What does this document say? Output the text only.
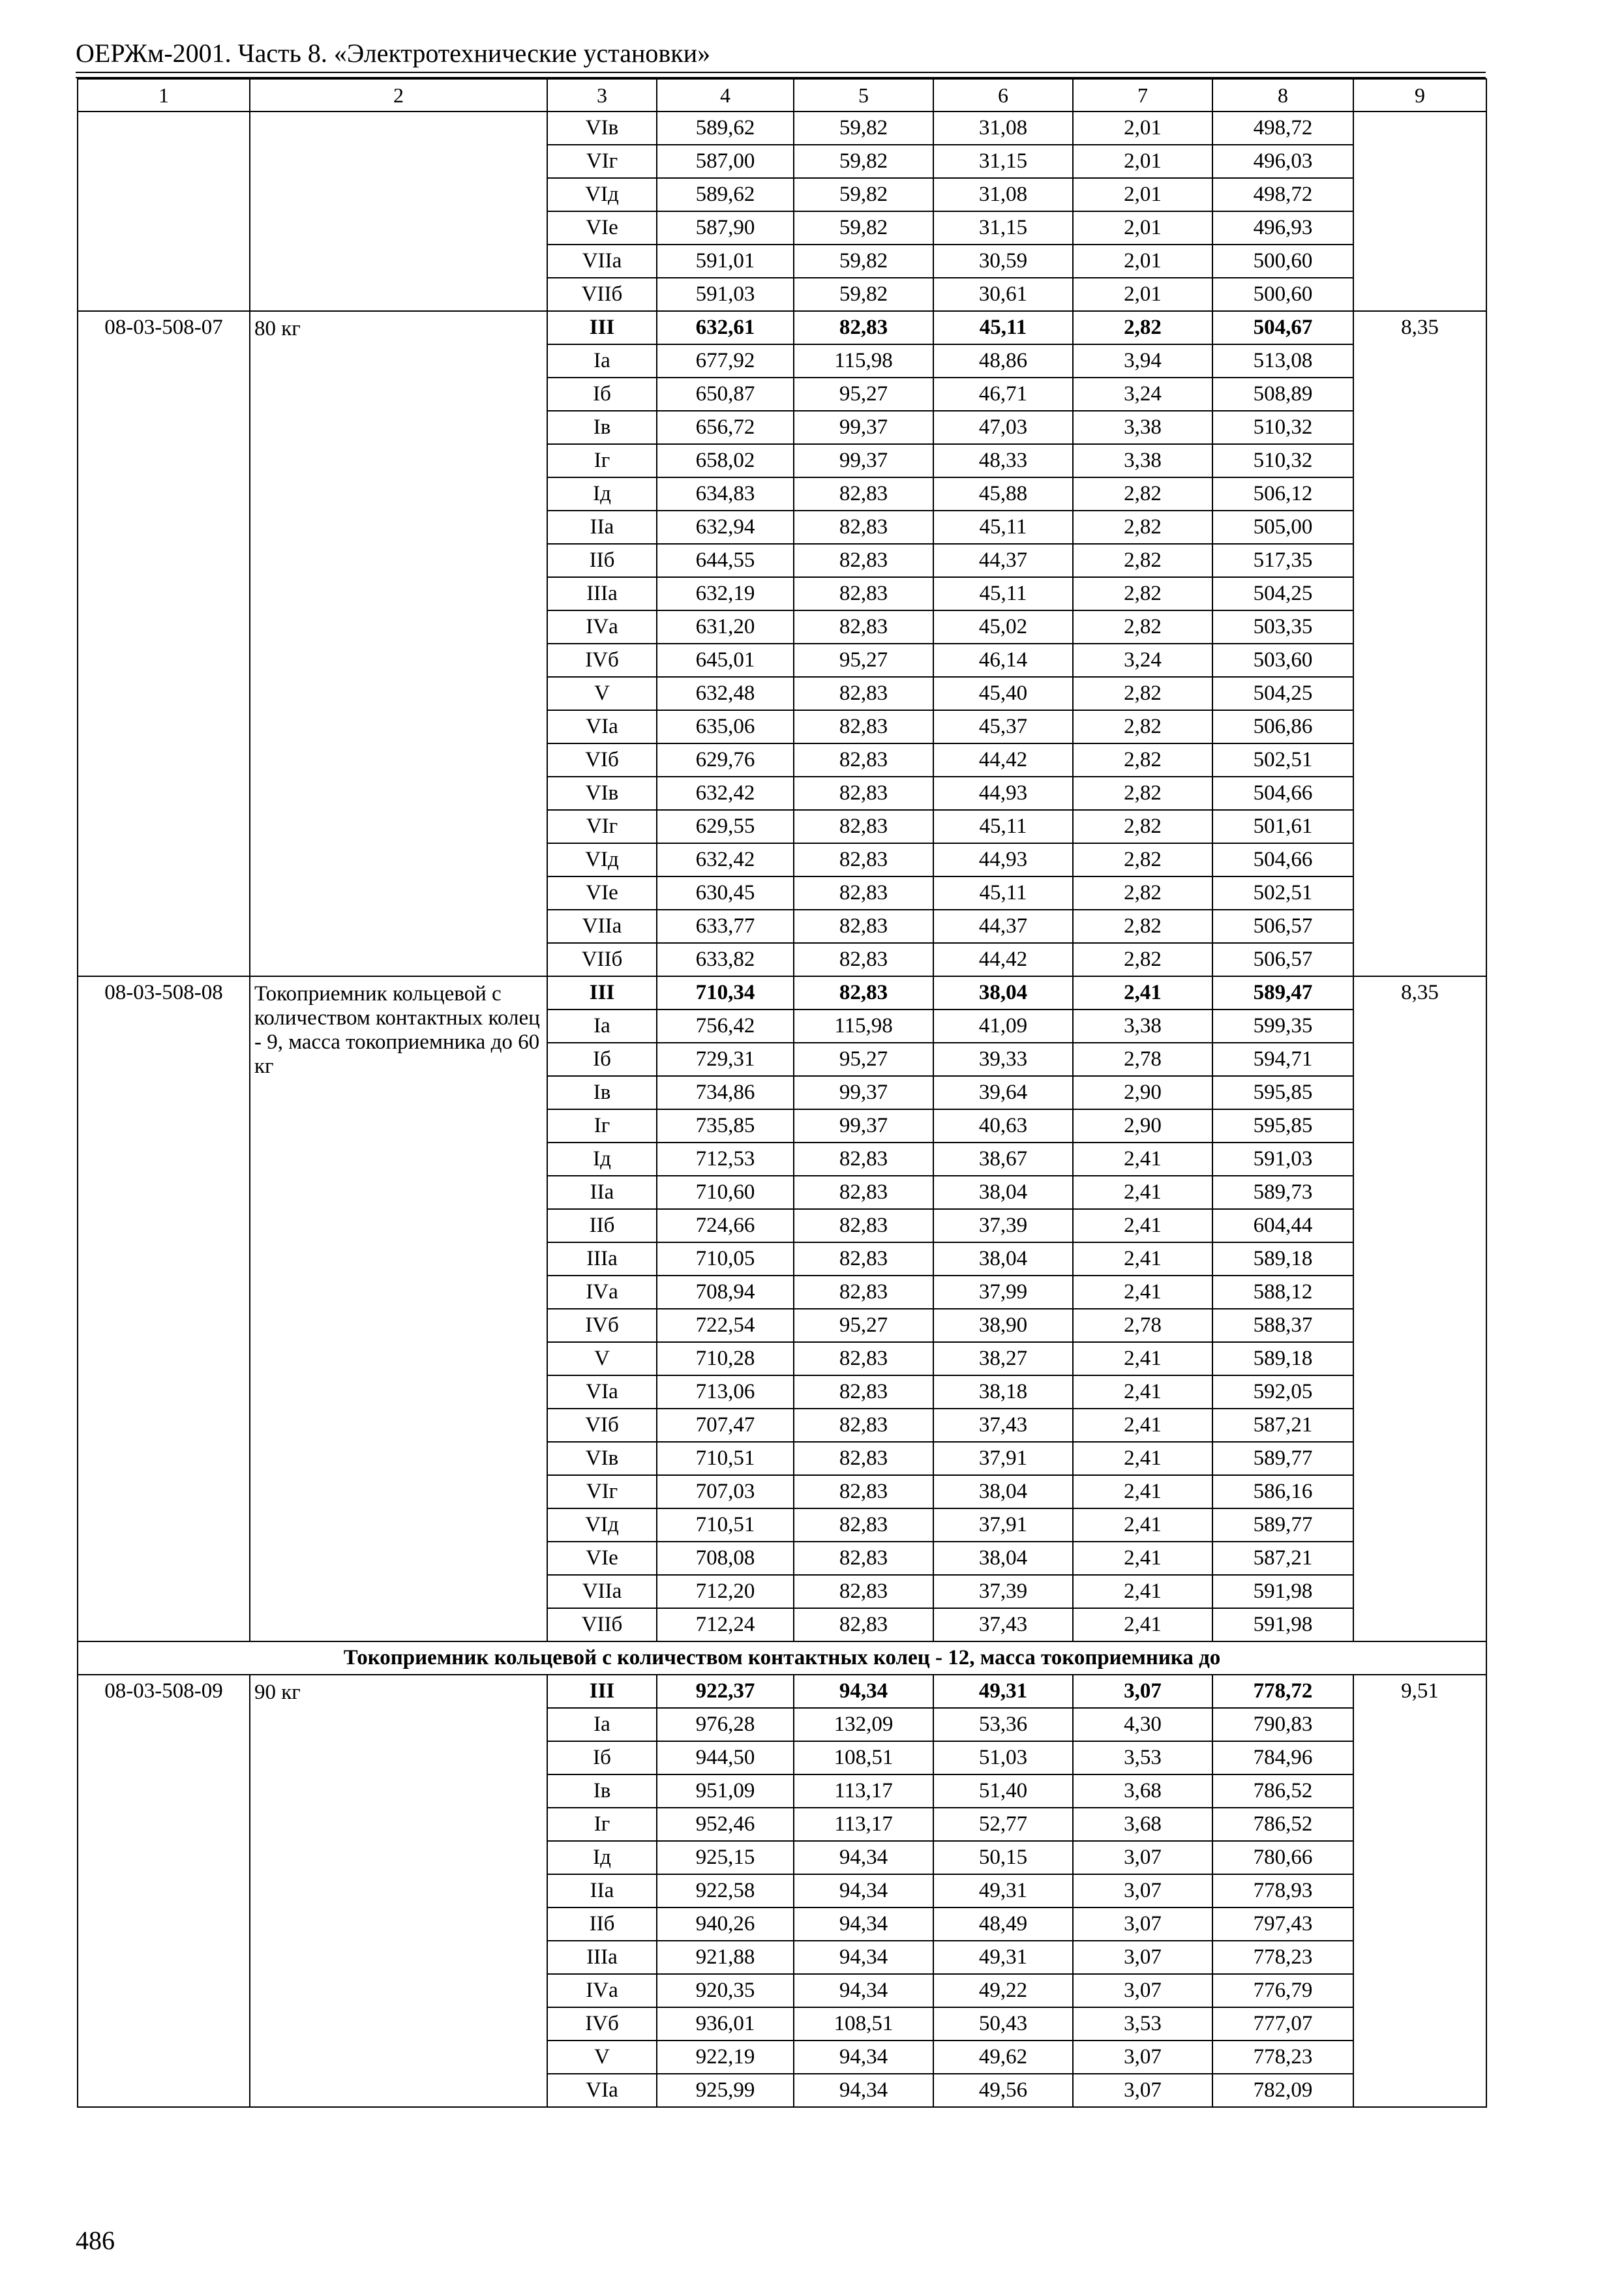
ОЕРЖм-2001. Часть 8. «Электротехнические установки»
1	2	3	4	5	6	7	8	9
		VIв	589,62	59,82	31,08	2,01	498,72	
		VIг	587,00	59,82	31,15	2,01	496,03	
		VIд	589,62	59,82	31,08	2,01	498,72	
		VIе	587,90	59,82	31,15	2,01	496,93	
		VIIа	591,01	59,82	30,59	2,01	500,60	
		VIIб	591,03	59,82	30,61	2,01	500,60	
08-03-508-07	80 кг	III	632,61	82,83	45,11	2,82	504,67	8,35
		Iа	677,92	115,98	48,86	3,94	513,08	
		Iб	650,87	95,27	46,71	3,24	508,89	
		Iв	656,72	99,37	47,03	3,38	510,32	
		Iг	658,02	99,37	48,33	3,38	510,32	
		Iд	634,83	82,83	45,88	2,82	506,12	
		IIа	632,94	82,83	45,11	2,82	505,00	
		IIб	644,55	82,83	44,37	2,82	517,35	
		IIIа	632,19	82,83	45,11	2,82	504,25	
		IVа	631,20	82,83	45,02	2,82	503,35	
		IVб	645,01	95,27	46,14	3,24	503,60	
		V	632,48	82,83	45,40	2,82	504,25	
		VIа	635,06	82,83	45,37	2,82	506,86	
		VIб	629,76	82,83	44,42	2,82	502,51	
		VIв	632,42	82,83	44,93	2,82	504,66	
		VIг	629,55	82,83	45,11	2,82	501,61	
		VIд	632,42	82,83	44,93	2,82	504,66	
		VIе	630,45	82,83	45,11	2,82	502,51	
		VIIа	633,77	82,83	44,37	2,82	506,57	
		VIIб	633,82	82,83	44,42	2,82	506,57	
08-03-508-08	Токоприемник кольцевой с количеством контактных колец - 9, масса токоприемника до 60 кг	III	710,34	82,83	38,04	2,41	589,47	8,35
		Iа	756,42	115,98	41,09	3,38	599,35	
		Iб	729,31	95,27	39,33	2,78	594,71	
		Iв	734,86	99,37	39,64	2,90	595,85	
		Iг	735,85	99,37	40,63	2,90	595,85	
		Iд	712,53	82,83	38,67	2,41	591,03	
		IIа	710,60	82,83	38,04	2,41	589,73	
		IIб	724,66	82,83	37,39	2,41	604,44	
		IIIа	710,05	82,83	38,04	2,41	589,18	
		IVа	708,94	82,83	37,99	2,41	588,12	
		IVб	722,54	95,27	38,90	2,78	588,37	
		V	710,28	82,83	38,27	2,41	589,18	
		VIа	713,06	82,83	38,18	2,41	592,05	
		VIб	707,47	82,83	37,43	2,41	587,21	
		VIв	710,51	82,83	37,91	2,41	589,77	
		VIг	707,03	82,83	38,04	2,41	586,16	
		VIд	710,51	82,83	37,91	2,41	589,77	
		VIе	708,08	82,83	38,04	2,41	587,21	
		VIIа	712,20	82,83	37,39	2,41	591,98	
		VIIб	712,24	82,83	37,43	2,41	591,98	
Токоприемник кольцевой с количеством контактных колец - 12, масса токоприемника до								
08-03-508-09	90 кг	III	922,37	94,34	49,31	3,07	778,72	9,51
		Iа	976,28	132,09	53,36	4,30	790,83	
		Iб	944,50	108,51	51,03	3,53	784,96	
		Iв	951,09	113,17	51,40	3,68	786,52	
		Iг	952,46	113,17	52,77	3,68	786,52	
		Iд	925,15	94,34	50,15	3,07	780,66	
		IIа	922,58	94,34	49,31	3,07	778,93	
		IIб	940,26	94,34	48,49	3,07	797,43	
		IIIа	921,88	94,34	49,31	3,07	778,23	
		IVа	920,35	94,34	49,22	3,07	776,79	
		IVб	936,01	108,51	50,43	3,53	777,07	
		V	922,19	94,34	49,62	3,07	778,23	
		VIа	925,99	94,34	49,56	3,07	782,09	
486
